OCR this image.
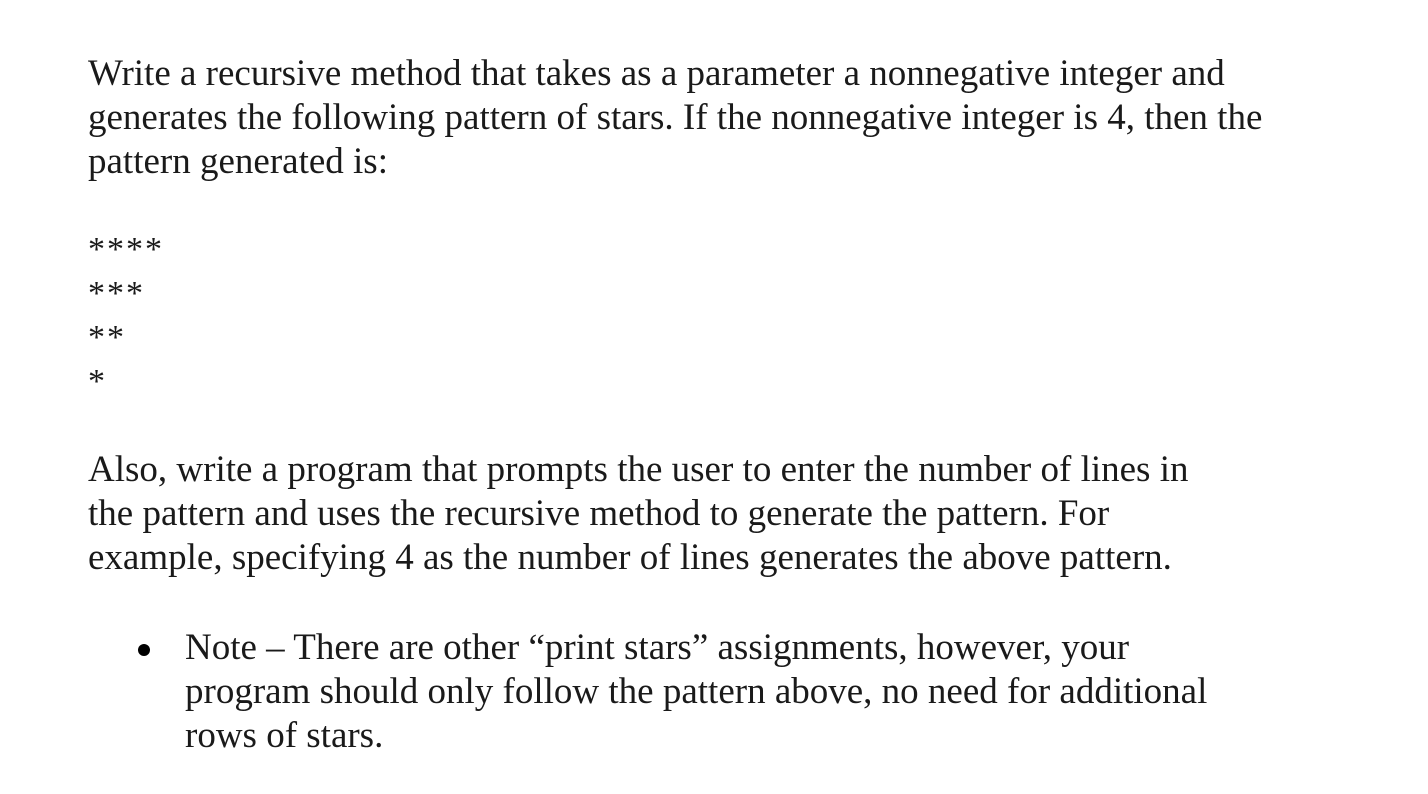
Write a recursive method that takes as a parameter a nonnegative integer and generates the following pattern of stars. If the nonnegative integer is 4, then the pattern generated is:

****
***
**
*

Also, write a program that prompts the user to enter the number of lines in the pattern and uses the recursive method to generate the pattern. For example, specifying 4 as the number of lines generates the above pattern.

Note – There are other “print stars” assignments, however, your program should only follow the pattern above, no need for additional rows of stars.
